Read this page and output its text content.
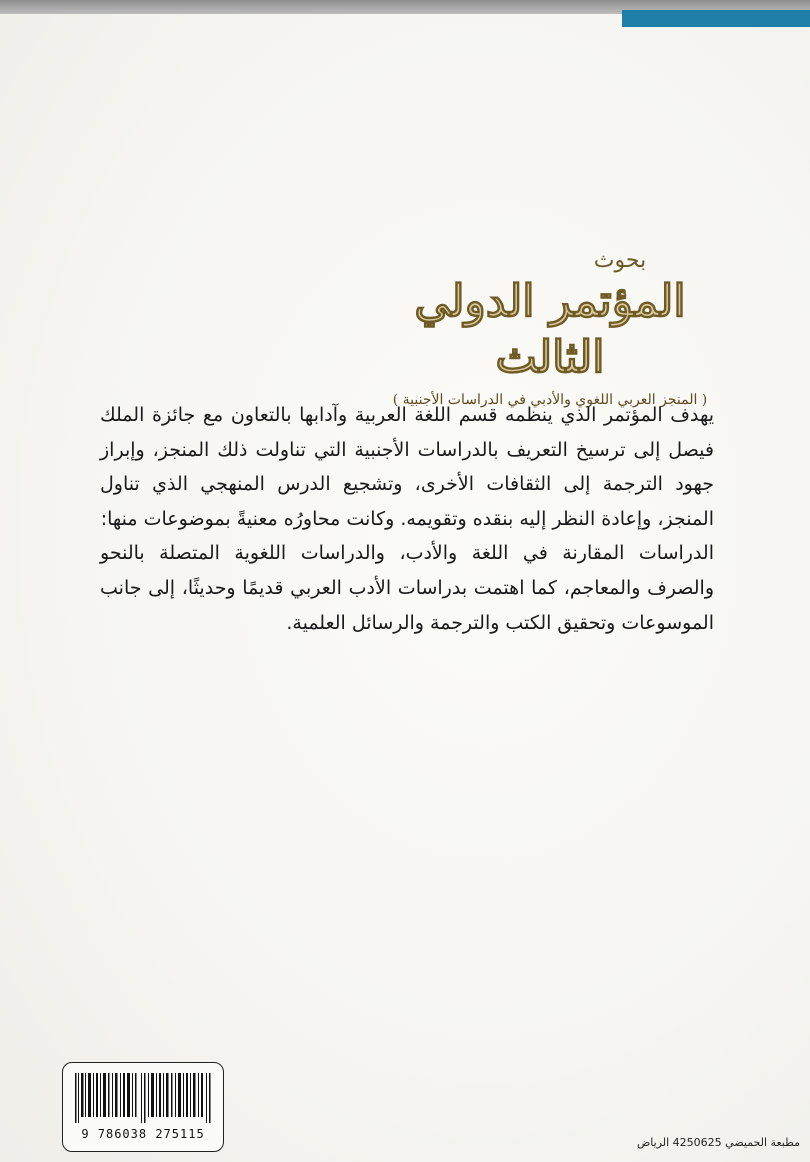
بحوث
المؤتمر الدولي الثالث
( المنجز العربي اللغوي والأدبي في الدراسات الأجنبية )

يهدف المؤتمر الذي ينظمه قسم اللغة العربية وآدابها بالتعاون مع جائزة الملك فيصل إلى ترسيخ التعريف بالدراسات الأجنبية التي تناولت ذلك المنجز، وإبراز جهود الترجمة إلى الثقافات الأخرى، وتشجيع الدرس المنهجي الذي تناول المنجز، وإعادة النظر إليه بنقده وتقويمه. وكانت محاورُه معنيةً بموضوعات منها:

الدراسات المقارنة في اللغة والأدب، والدراسات اللغوية المتصلة بالنحو والصرف والمعاجم، كما اهتمت بدراسات الأدب العربي قديمًا وحديثًا، إلى جانب الموسوعات وتحقيق الكتب والترجمة والرسائل العلمية.

9 786038 275115
مطبعة الحميضي 4250625 الرياض
